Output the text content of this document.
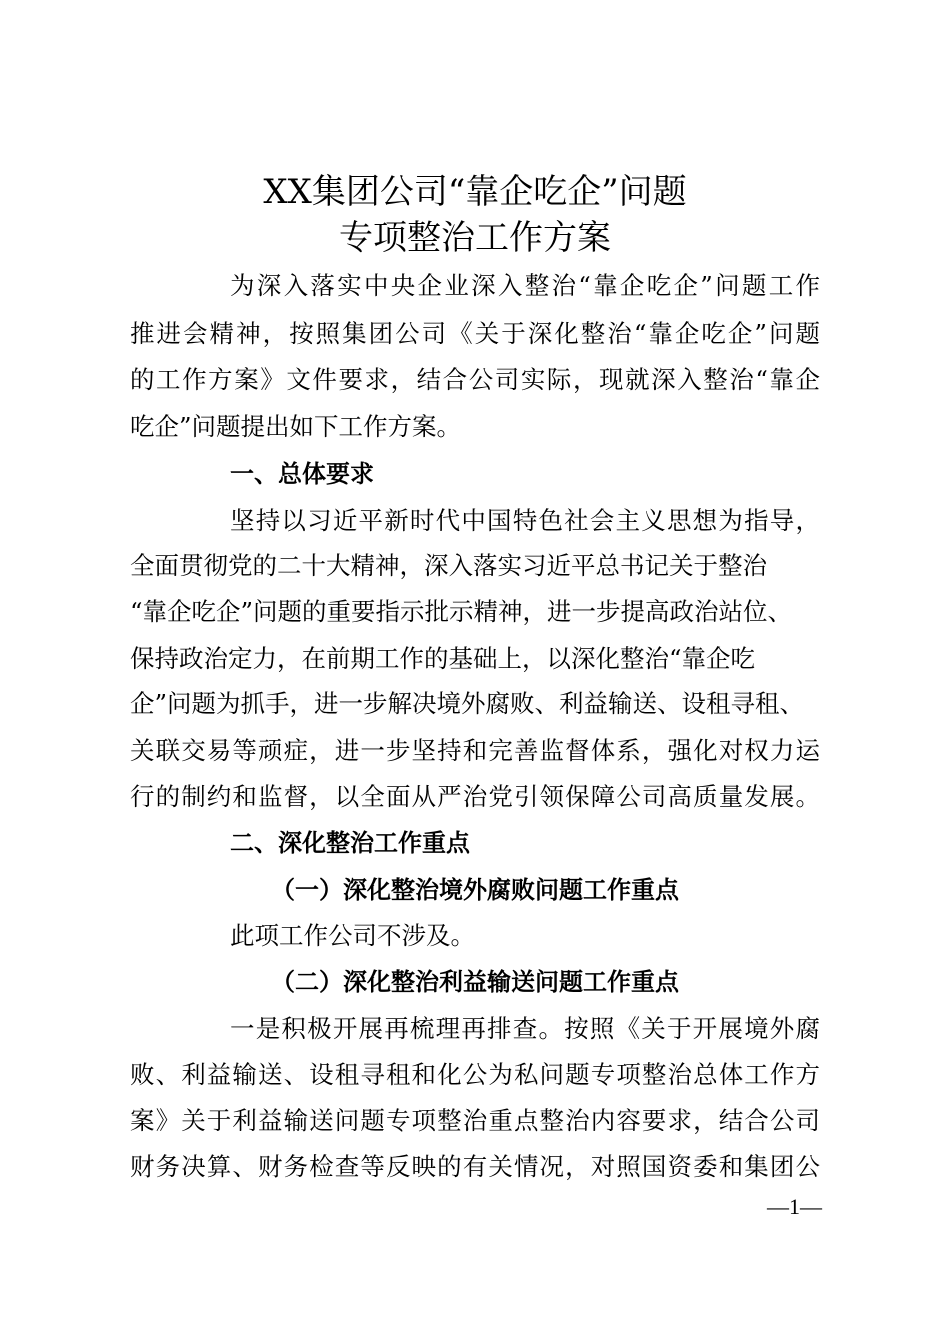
XX集团公司“靠企吃企”问题
专项整治工作方案

为深入落实中央企业深入整治“靠企吃企”问题工作

推进会精神，按照集团公司《关于深化整治“靠企吃企”问题

的工作方案》文件要求，结合公司实际，现就深入整治“靠企

吃企”问题提出如下工作方案。

一、总体要求

坚持以习近平新时代中国特色社会主义思想为指导，

全面贯彻党的二十大精神，深入落实习近平总书记关于整治

“靠企吃企”问题的重要指示批示精神，进一步提高政治站位、

保持政治定力，在前期工作的基础上，以深化整治“靠企吃

企”问题为抓手，进一步解决境外腐败、利益输送、设租寻租、

关联交易等顽症，进一步坚持和完善监督体系，强化对权力运

行的制约和监督，以全面从严治党引领保障公司高质量发展。

二、深化整治工作重点
（一）深化整治境外腐败问题工作重点

此项工作公司不涉及。

（二）深化整治利益输送问题工作重点

一是积极开展再梳理再排查。按照《关于开展境外腐

败、利益输送、设租寻租和化公为私问题专项整治总体工作方

案》关于利益输送问题专项整治重点整治内容要求，结合公司

财务决算、财务检查等反映的有关情况，对照国资委和集团公

—1—
